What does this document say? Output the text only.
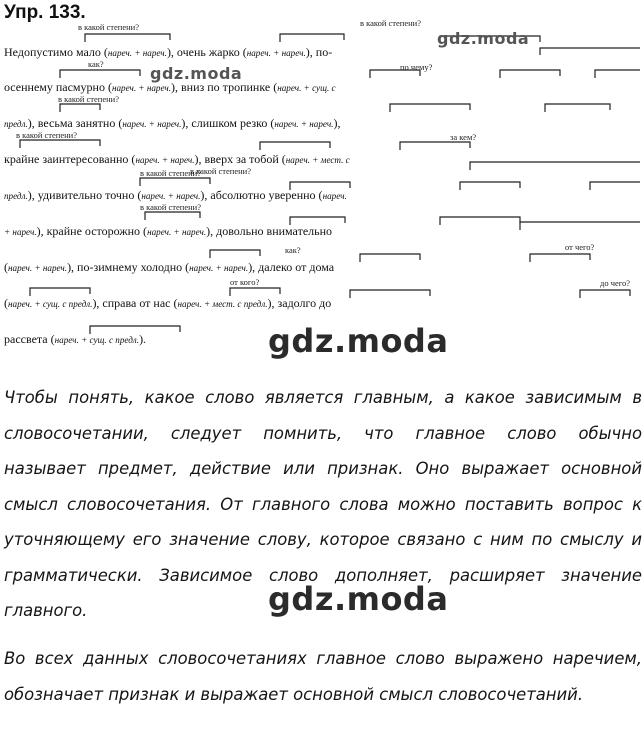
Упр. 133.
Недопустимо мало (нареч. + нареч.), очень жарко (нареч. + нареч.), по-
осеннему пасмурно (нареч. + нареч.), вниз по тропинке (нареч. + сущ. с
предл.), весьма занятно (нареч. + нареч.), слишком резко (нареч. + нареч.),
крайне заинтересованно (нареч. + нареч.), вверх за тобой (нареч. + мест. с
предл.), удивительно точно (нареч. + нареч.), абсолютно уверенно (нареч.
+ нареч.), крайне осторожно (нареч. + нареч.), довольно внимательно
(нареч. + нареч.), по-зимнему холодно (нареч. + нареч.), далеко от дома
(нареч. + сущ. с предл.), справа от нас (нареч. + мест. с предл.), задолго до
рассвета (нареч. + сущ. с предл.).
в какой степени?	в какой степени?
как?	по чему?
в какой степени?
в какой степени?	за кем?
в какой степени?
в какой степени?
в какой степени?
как?	от чего?
от кого?	до чего?
gdz.moda
gdz.moda
gdz.moda
gdz.moda
Чтобы понять, какое слово является главным, а какое зависимым в
словосочетании, следует помнить, что главное слово обычно
называет предмет, действие или признак. Оно выражает основной
смысл словосочетания. От главного слова можно поставить вопрос к
уточняющему его значение слову, которое связано с ним по смыслу и
грамматически. Зависимое слово дополняет, расширяет значение
главного.
Во всех данных словосочетаниях главное слово выражено наречием,
обозначает признак и выражает основной смысл словосочетаний.
